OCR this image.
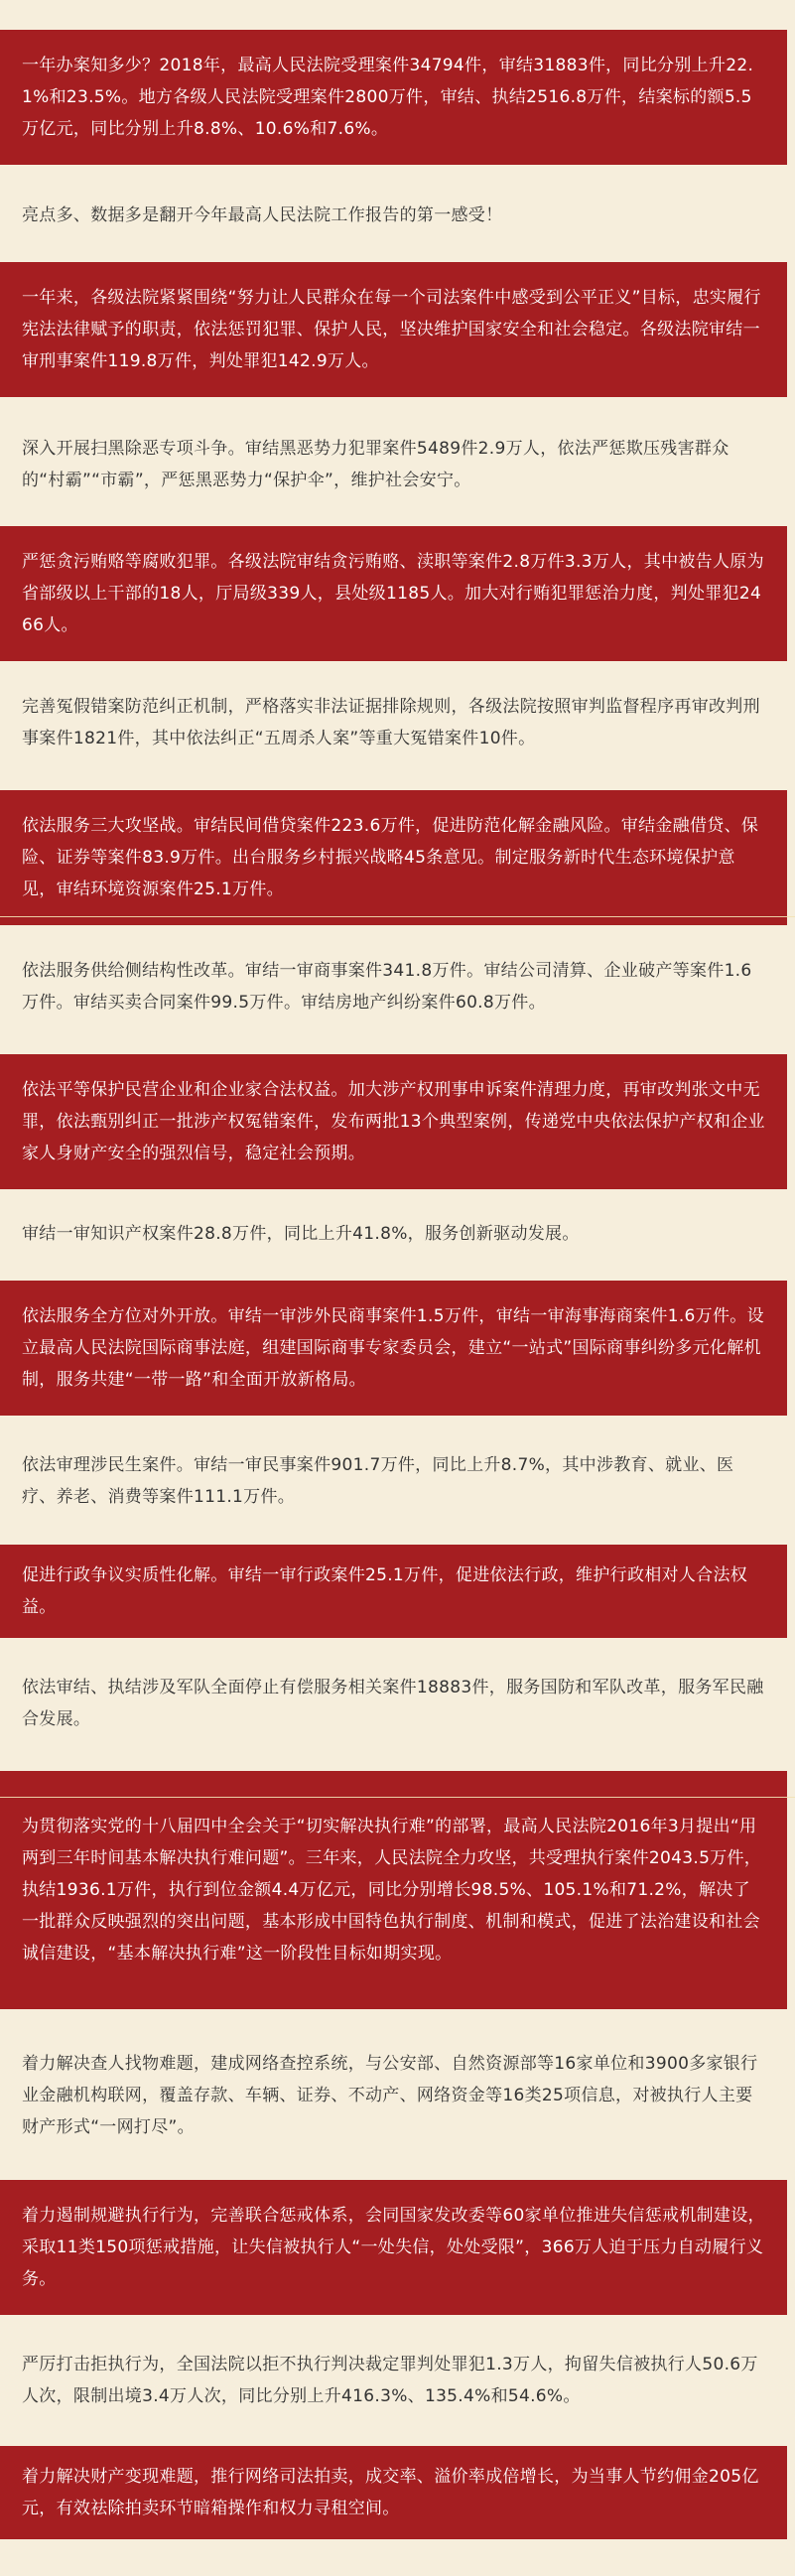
一年办案知多少？2018年，最高人民法院受理案件34794件，审结31883件，同比分别上升22.1%和23.5%。地方各级人民法院受理案件2800万件，审结、执结2516.8万件，结案标的额5.5万亿元，同比分别上升8.8%、10.6%和7.6%。

亮点多、数据多是翻开今年最高人民法院工作报告的第一感受！

一年来，各级法院紧紧围绕“努力让人民群众在每一个司法案件中感受到公平正义”目标，忠实履行宪法法律赋予的职责，依法惩罚犯罪、保护人民，坚决维护国家安全和社会稳定。各级法院审结一审刑事案件119.8万件，判处罪犯142.9万人。

深入开展扫黑除恶专项斗争。审结黑恶势力犯罪案件5489件2.9万人，依法严惩欺压残害群众的“村霸”“市霸”，严惩黑恶势力“保护伞”，维护社会安宁。

严惩贪污贿赂等腐败犯罪。各级法院审结贪污贿赂、渎职等案件2.8万件3.3万人，其中被告人原为省部级以上干部的18人，厅局级339人，县处级1185人。加大对行贿犯罪惩治力度，判处罪犯2466人。

完善冤假错案防范纠正机制，严格落实非法证据排除规则，各级法院按照审判监督程序再审改判刑事案件1821件，其中依法纠正“五周杀人案”等重大冤错案件10件。

依法服务三大攻坚战。审结民间借贷案件223.6万件，促进防范化解金融风险。审结金融借贷、保险、证券等案件83.9万件。出台服务乡村振兴战略45条意见。制定服务新时代生态环境保护意见，审结环境资源案件25.1万件。

依法服务供给侧结构性改革。审结一审商事案件341.8万件。审结公司清算、企业破产等案件1.6万件。审结买卖合同案件99.5万件。审结房地产纠纷案件60.8万件。

依法平等保护民营企业和企业家合法权益。加大涉产权刑事申诉案件清理力度，再审改判张文中无罪，依法甄别纠正一批涉产权冤错案件，发布两批13个典型案例，传递党中央依法保护产权和企业家人身财产安全的强烈信号，稳定社会预期。

审结一审知识产权案件28.8万件，同比上升41.8%，服务创新驱动发展。

依法服务全方位对外开放。审结一审涉外民商事案件1.5万件，审结一审海事海商案件1.6万件。设立最高人民法院国际商事法庭，组建国际商事专家委员会，建立“一站式”国际商事纠纷多元化解机制，服务共建“一带一路”和全面开放新格局。

依法审理涉民生案件。审结一审民事案件901.7万件，同比上升8.7%，其中涉教育、就业、医疗、养老、消费等案件111.1万件。

促进行政争议实质性化解。审结一审行政案件25.1万件，促进依法行政，维护行政相对人合法权益。

依法审结、执结涉及军队全面停止有偿服务相关案件18883件，服务国防和军队改革，服务军民融合发展。

为贯彻落实党的十八届四中全会关于“切实解决执行难”的部署，最高人民法院2016年3月提出“用两到三年时间基本解决执行难问题”。三年来，人民法院全力攻坚，共受理执行案件2043.5万件，执结1936.1万件，执行到位金额4.4万亿元，同比分别增长98.5%、105.1%和71.2%，解决了一批群众反映强烈的突出问题，基本形成中国特色执行制度、机制和模式，促进了法治建设和社会诚信建设，“基本解决执行难”这一阶段性目标如期实现。

着力解决查人找物难题，建成网络查控系统，与公安部、自然资源部等16家单位和3900多家银行业金融机构联网，覆盖存款、车辆、证券、不动产、网络资金等16类25项信息，对被执行人主要财产形式“一网打尽”。

着力遏制规避执行行为，完善联合惩戒体系，会同国家发改委等60家单位推进失信惩戒机制建设，采取11类150项惩戒措施，让失信被执行人“一处失信，处处受限”，366万人迫于压力自动履行义务。

严厉打击拒执行为，全国法院以拒不执行判决裁定罪判处罪犯1.3万人，拘留失信被执行人50.6万人次，限制出境3.4万人次，同比分别上升416.3%、135.4%和54.6%。

着力解决财产变现难题，推行网络司法拍卖，成交率、溢价率成倍增长，为当事人节约佣金205亿元，有效祛除拍卖环节暗箱操作和权力寻租空间。
